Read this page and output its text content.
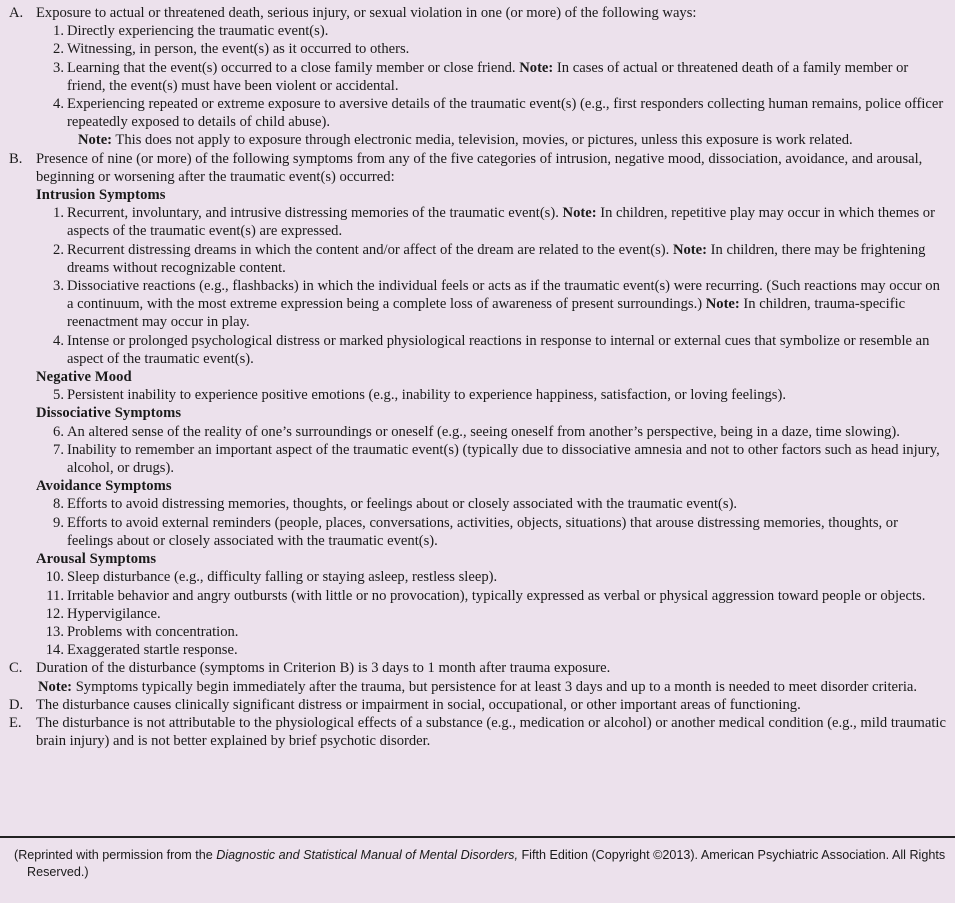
A. Exposure to actual or threatened death, serious injury, or sexual violation in one (or more) of the following ways:
1. Directly experiencing the traumatic event(s).
2. Witnessing, in person, the event(s) as it occurred to others.
3. Learning that the event(s) occurred to a close family member or close friend. Note: In cases of actual or threatened death of a family member or friend, the event(s) must have been violent or accidental.
4. Experiencing repeated or extreme exposure to aversive details of the traumatic event(s) (e.g., first responders collecting human remains, police officer repeatedly exposed to details of child abuse).
Note: This does not apply to exposure through electronic media, television, movies, or pictures, unless this exposure is work related.
B. Presence of nine (or more) of the following symptoms from any of the five categories of intrusion, negative mood, dissociation, avoidance, and arousal, beginning or worsening after the traumatic event(s) occurred:
Intrusion Symptoms
1. Recurrent, involuntary, and intrusive distressing memories of the traumatic event(s). Note: In children, repetitive play may occur in which themes or aspects of the traumatic event(s) are expressed.
2. Recurrent distressing dreams in which the content and/or affect of the dream are related to the event(s). Note: In children, there may be frightening dreams without recognizable content.
3. Dissociative reactions (e.g., flashbacks) in which the individual feels or acts as if the traumatic event(s) were recurring. (Such reactions may occur on a continuum, with the most extreme expression being a complete loss of awareness of present surroundings.) Note: In children, trauma-specific reenactment may occur in play.
4. Intense or prolonged psychological distress or marked physiological reactions in response to internal or external cues that symbolize or resemble an aspect of the traumatic event(s).
Negative Mood
5. Persistent inability to experience positive emotions (e.g., inability to experience happiness, satisfaction, or loving feelings).
Dissociative Symptoms
6. An altered sense of the reality of one’s surroundings or oneself (e.g., seeing oneself from another’s perspective, being in a daze, time slowing).
7. Inability to remember an important aspect of the traumatic event(s) (typically due to dissociative amnesia and not to other factors such as head injury, alcohol, or drugs).
Avoidance Symptoms
8. Efforts to avoid distressing memories, thoughts, or feelings about or closely associated with the traumatic event(s).
9. Efforts to avoid external reminders (people, places, conversations, activities, objects, situations) that arouse distressing memories, thoughts, or feelings about or closely associated with the traumatic event(s).
Arousal Symptoms
10. Sleep disturbance (e.g., difficulty falling or staying asleep, restless sleep).
11. Irritable behavior and angry outbursts (with little or no provocation), typically expressed as verbal or physical aggression toward people or objects.
12. Hypervigilance.
13. Problems with concentration.
14. Exaggerated startle response.
C. Duration of the disturbance (symptoms in Criterion B) is 3 days to 1 month after trauma exposure.
Note: Symptoms typically begin immediately after the trauma, but persistence for at least 3 days and up to a month is needed to meet disorder criteria.
D. The disturbance causes clinically significant distress or impairment in social, occupational, or other important areas of functioning.
E. The disturbance is not attributable to the physiological effects of a substance (e.g., medication or alcohol) or another medical condition (e.g., mild traumatic brain injury) and is not better explained by brief psychotic disorder.
(Reprinted with permission from the Diagnostic and Statistical Manual of Mental Disorders, Fifth Edition (Copyright ©2013). American Psychiatric Association. All Rights Reserved.)
